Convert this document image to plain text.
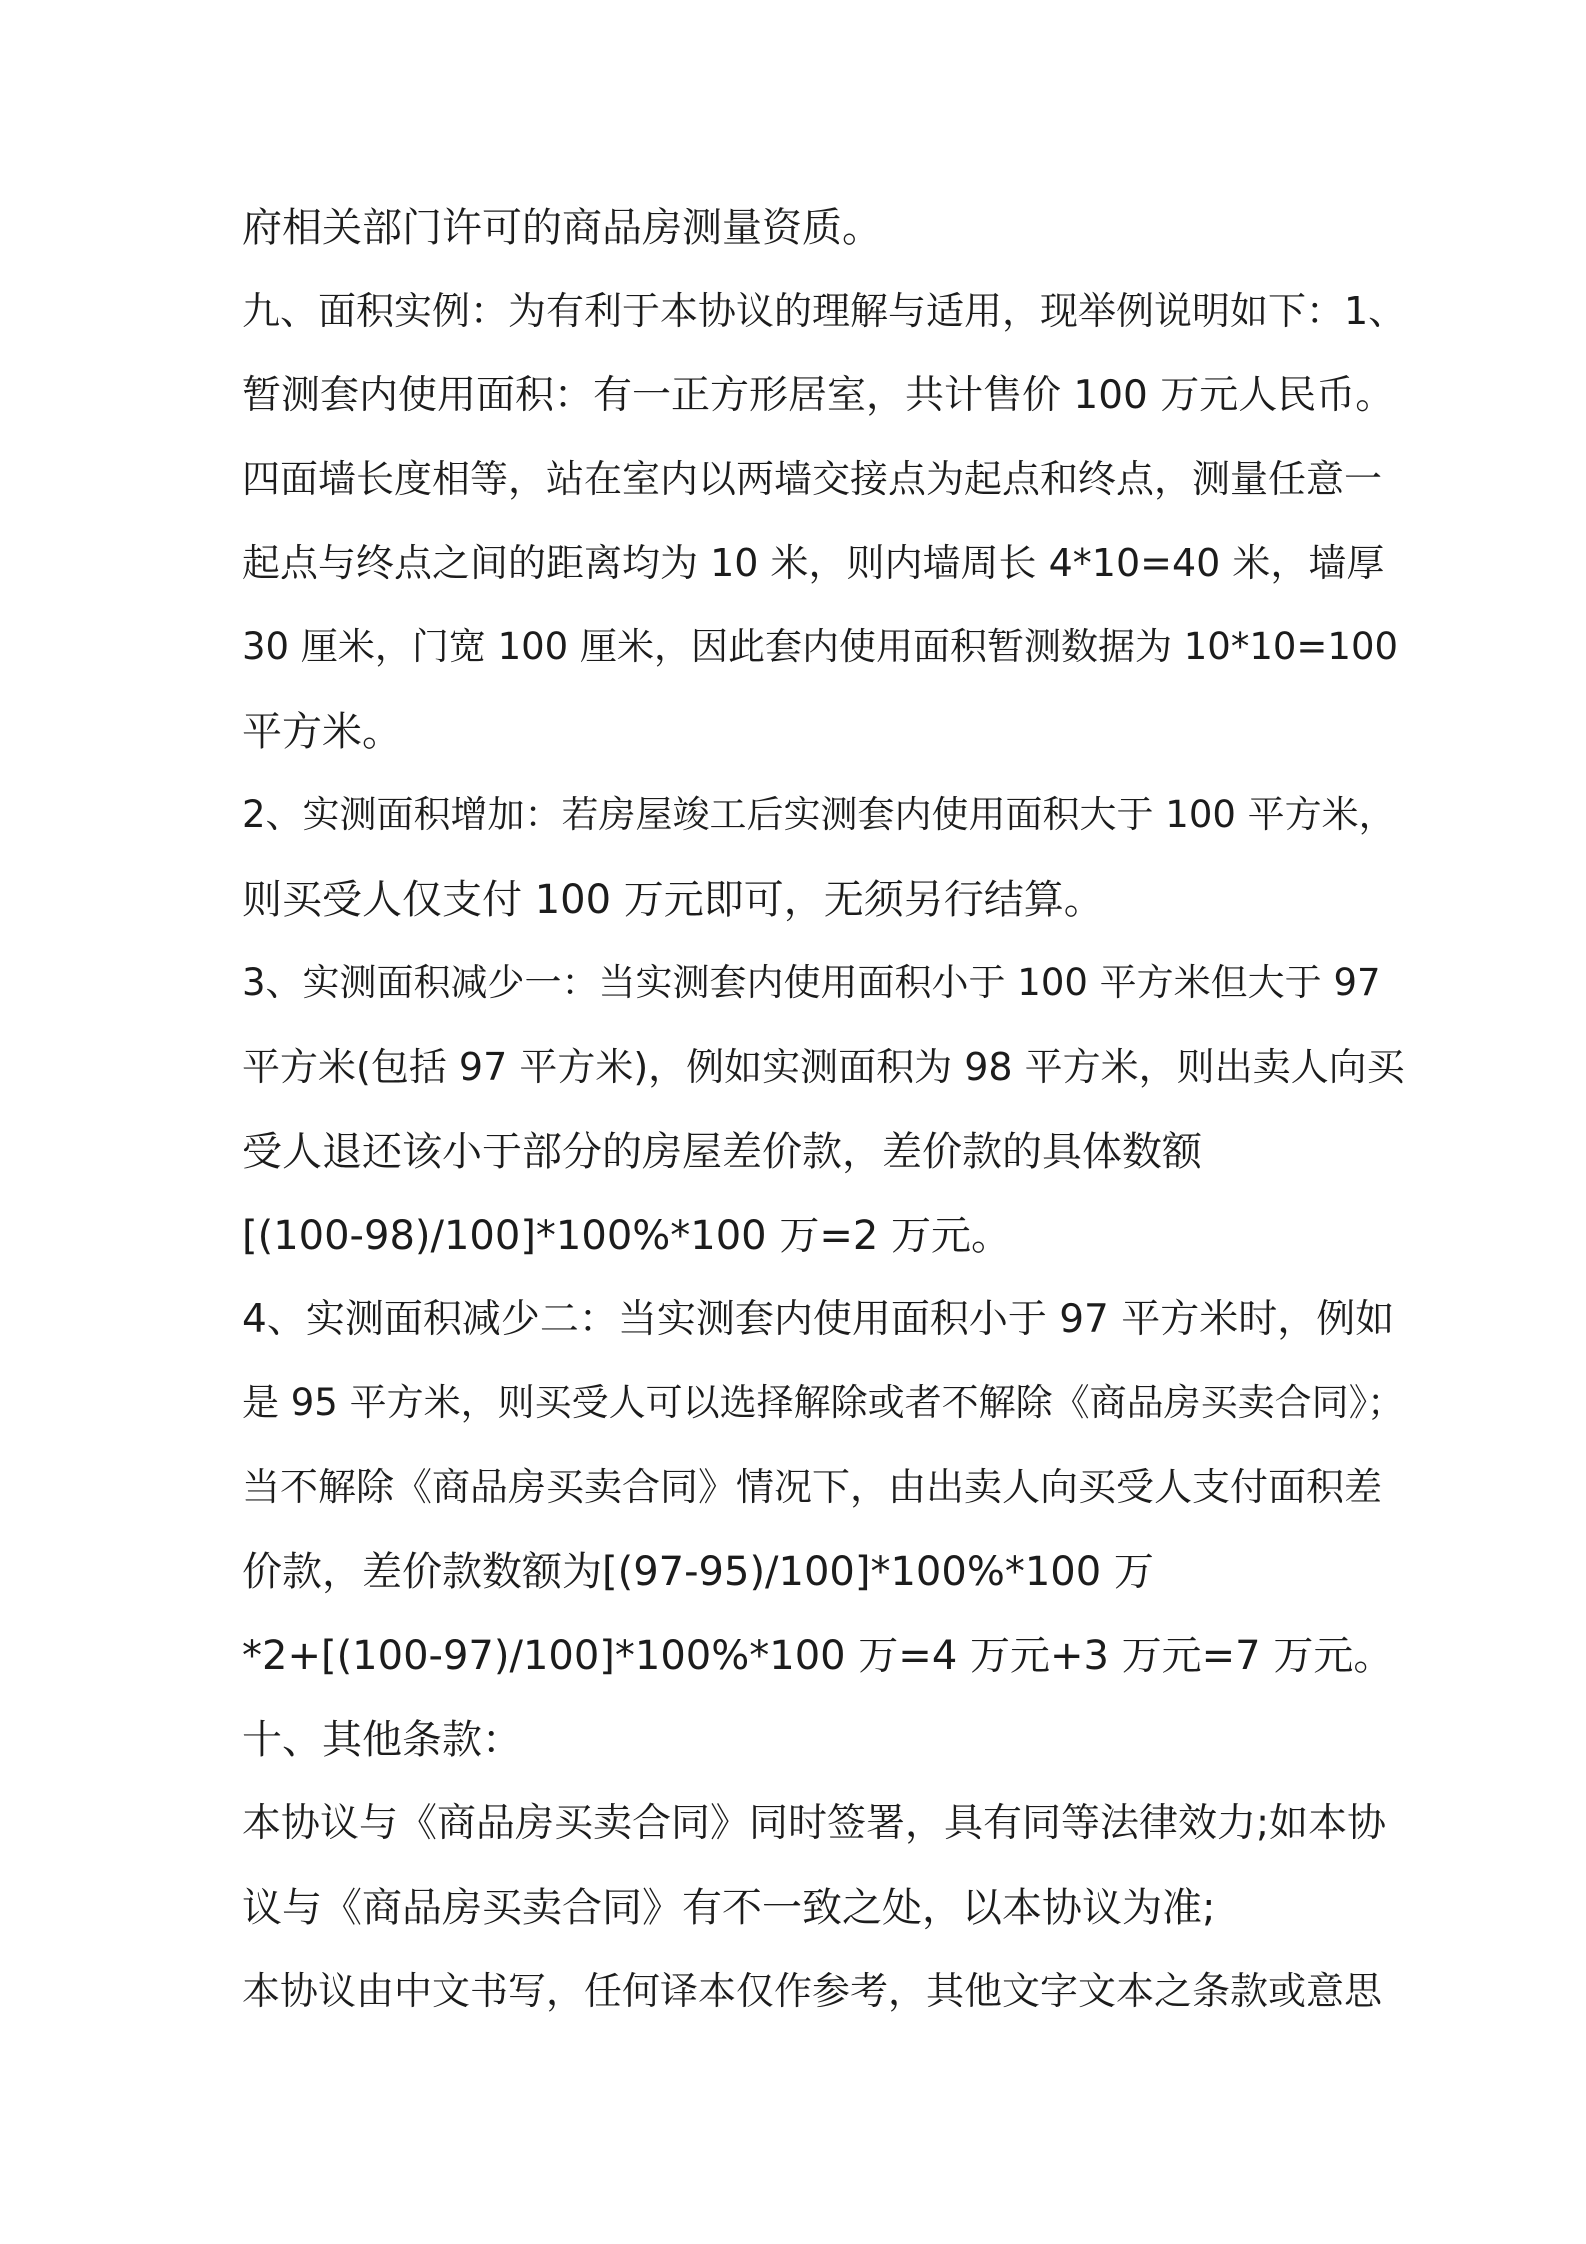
府相关部门许可的商品房测量资质。
九、面积实例：为有利于本协议的理解与适用，现举例说明如下：1、
暂测套内使用面积：有一正方形居室，共计售价 100 万元人民币。
四面墙长度相等，站在室内以两墙交接点为起点和终点，测量任意一
起点与终点之间的距离均为 10 米，则内墙周长 4*10=40 米，墙厚
30 厘米，门宽 100 厘米，因此套内使用面积暂测数据为 10*10=100
平方米。
2、实测面积增加：若房屋竣工后实测套内使用面积大于 100 平方米，
则买受人仅支付 100 万元即可，无须另行结算。
3、实测面积减少一：当实测套内使用面积小于 100 平方米但大于 97
平方米(包括 97 平方米)，例如实测面积为 98 平方米，则出卖人向买
受人退还该小于部分的房屋差价款，差价款的具体数额
[(100-98)/100]*100%*100 万=2 万元。
4、实测面积减少二：当实测套内使用面积小于 97 平方米时，例如
是 95 平方米，则买受人可以选择解除或者不解除《商品房买卖合同》；
当不解除《商品房买卖合同》情况下，由出卖人向买受人支付面积差
价款，差价款数额为[(97-95)/100]*100%*100 万
*2+[(100-97)/100]*100%*100 万=4 万元+3 万元=7 万元。
十、其他条款：
本协议与《商品房买卖合同》同时签署，具有同等法律效力;如本协
议与《商品房买卖合同》有不一致之处，以本协议为准;
本协议由中文书写，任何译本仅作参考，其他文字文本之条款或意思
